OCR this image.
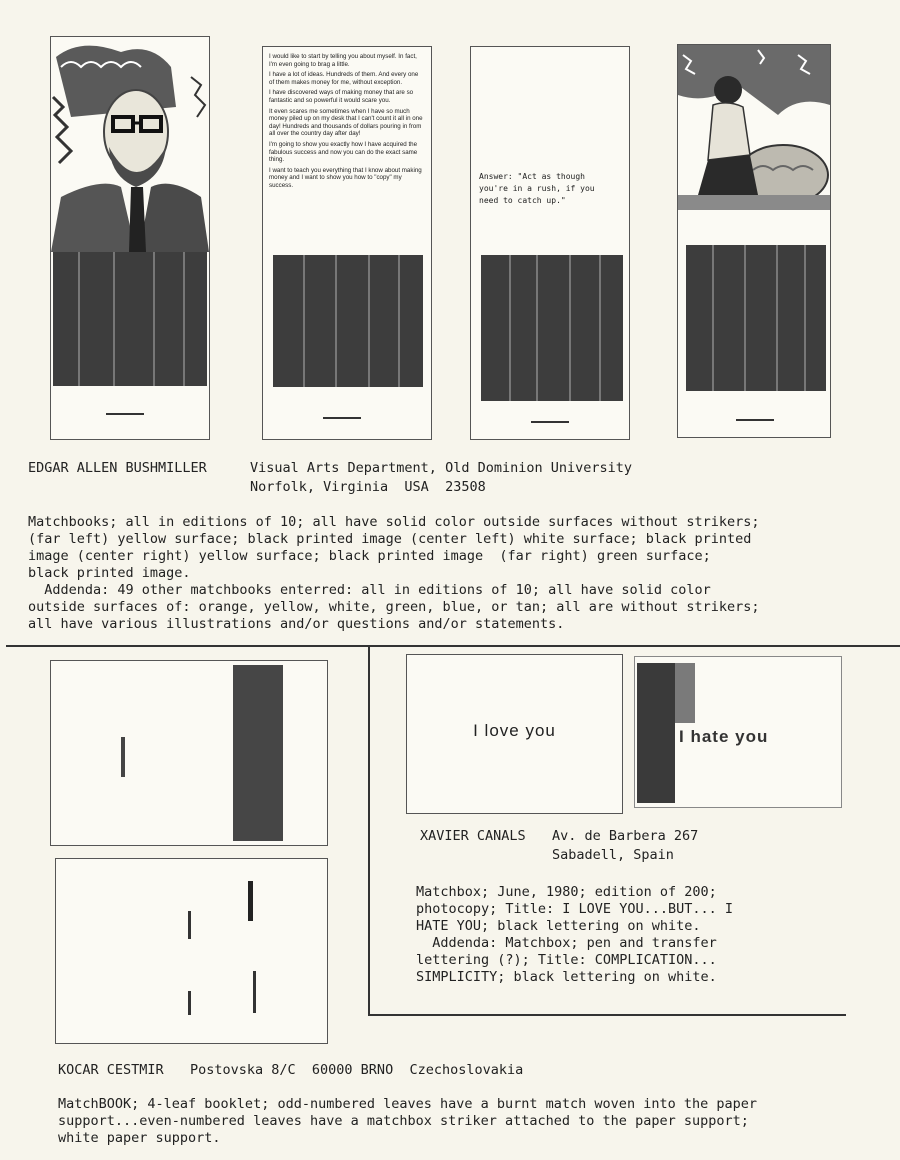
I would like to start by telling you about myself. In fact, I'm even going to brag a little.

I have a lot of ideas. Hundreds of them. And every one of them makes money for me, without exception.

I have discovered ways of making money that are so fantastic and so powerful it would scare you.

It even scares me sometimes when I have so much money piled up on my desk that I can't count it all in one day! Hundreds and thousands of dollars pouring in from all over the country day after day!

I'm going to show you exactly how I have acquired the fabulous success and now you can do the exact same thing.

I want to teach you everything that I know about making money and I want to show you how to "copy" my success.

Answer: "Act as though
you're in a rush, if you
need to catch up."
EDGAR ALLEN BUSHMILLER	Visual Arts Department, Old Dominion University
Norfolk, Virginia  USA  23508
Matchbooks; all in editions of 10; all have solid color outside surfaces without strikers;
(far left) yellow surface; black printed image (center left) white surface; black printed
image (center right) yellow surface; black printed image  (far right) green surface;
black printed image.
Addenda: 49 other matchbooks enterred: all in editions of 10; all have solid color
outside surfaces of: orange, yellow, white, green, blue, or tan; all are without strikers;
all have various illustrations and/or questions and/or statements.
I love you	I hate you
XAVIER CANALS Av. de Barbera 267
Sabadell, Spain
Matchbox; June, 1980; edition of 200;
photocopy; Title: I LOVE YOU...BUT... I
HATE YOU; black lettering on white.
Addenda: Matchbox; pen and transfer
lettering (?); Title: COMPLICATION...
SIMPLICITY; black lettering on white.
KOCAR CESTMIR Postovska 8/C  60000 BRNO  Czechoslovakia
MatchBOOK; 4-leaf booklet; odd-numbered leaves have a burnt match woven into the paper
support...even-numbered leaves have a matchbox striker attached to the paper support;
white paper support.
